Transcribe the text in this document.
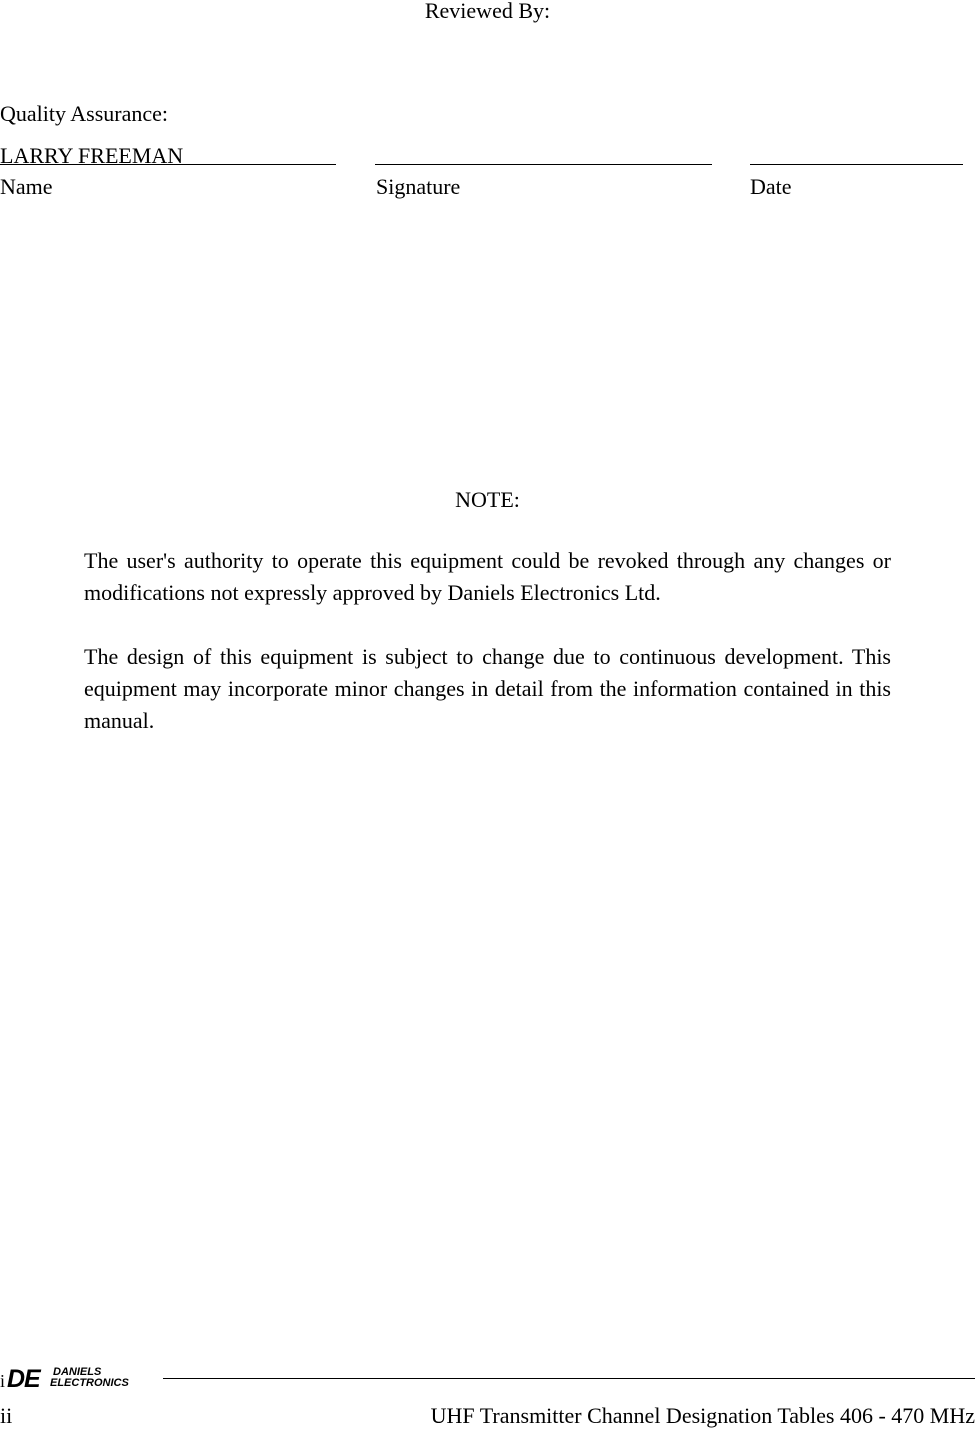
Reviewed By:
Quality Assurance:
LARRY FREEMAN
Name	Signature	Date
NOTE:

The user's authority to operate this equipment could be revoked through any changes or modifications not expressly approved by Daniels Electronics Ltd.

The design of this equipment is subject to change due to continuous development. This equipment may incorporate minor changes in detail from the information contained in this manual.

i DE DANIELS
ELECTRONICS
ii	UHF Transmitter Channel Designation Tables 406 - 470 MHz
